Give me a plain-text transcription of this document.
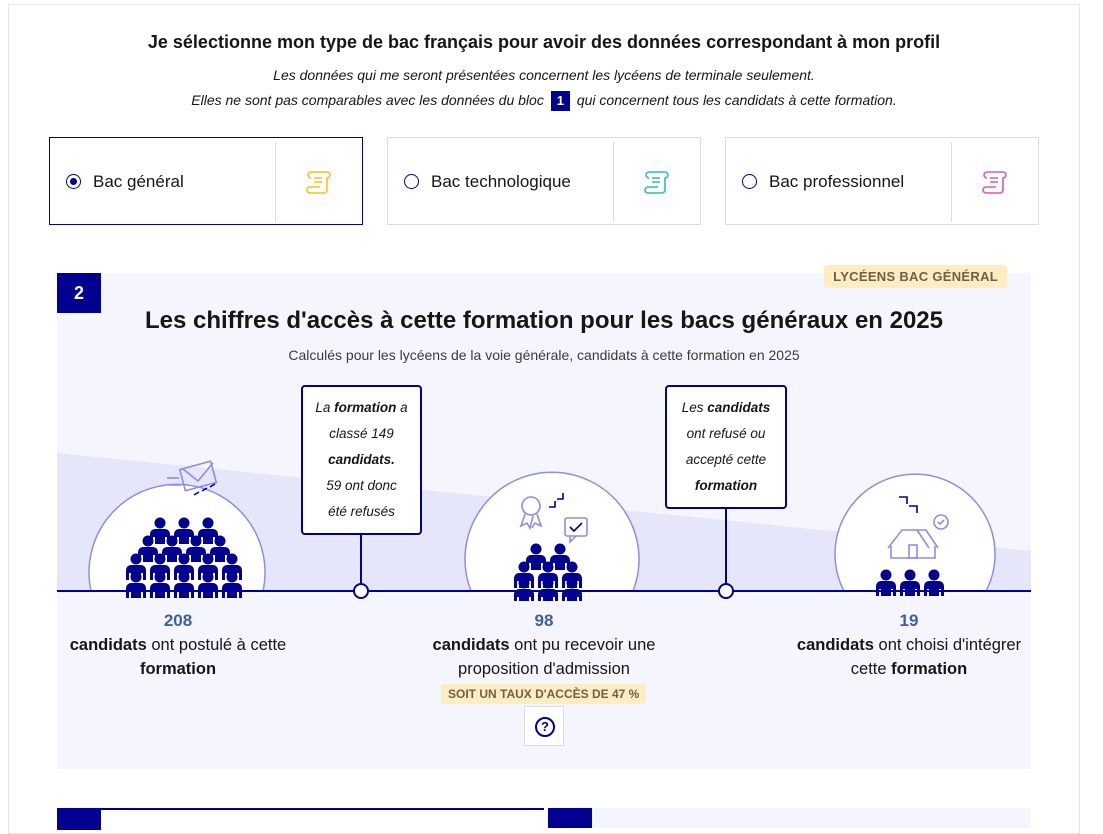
Je sélectionne mon type de bac français pour avoir des données correspondant à mon profil
Les données qui me seront présentées concernent les lycéens de terminale seulement.
Elles ne sont pas comparables avec les données du bloc 1 qui concernent tous les candidats à cette formation.
Bac général	Bac technologique	Bac professionnel
2
LYCÉENS BAC GÉNÉRAL
Les chiffres d'accès à cette formation pour les bacs généraux en 2025
Calculés pour les lycéens de la voie générale, candidats à cette formation en 2025
La formation a
classé 149
candidats.
59 ont donc
été refusés
Les candidats
ont refusé ou
accepté cette
formation
208
candidats ont postulé à cette
formation
98
candidats ont pu recevoir une
proposition d'admission
19
candidats ont choisi d'intégrer
cette formation
SOIT UN TAUX D'ACCÈS DE 47 %
?
